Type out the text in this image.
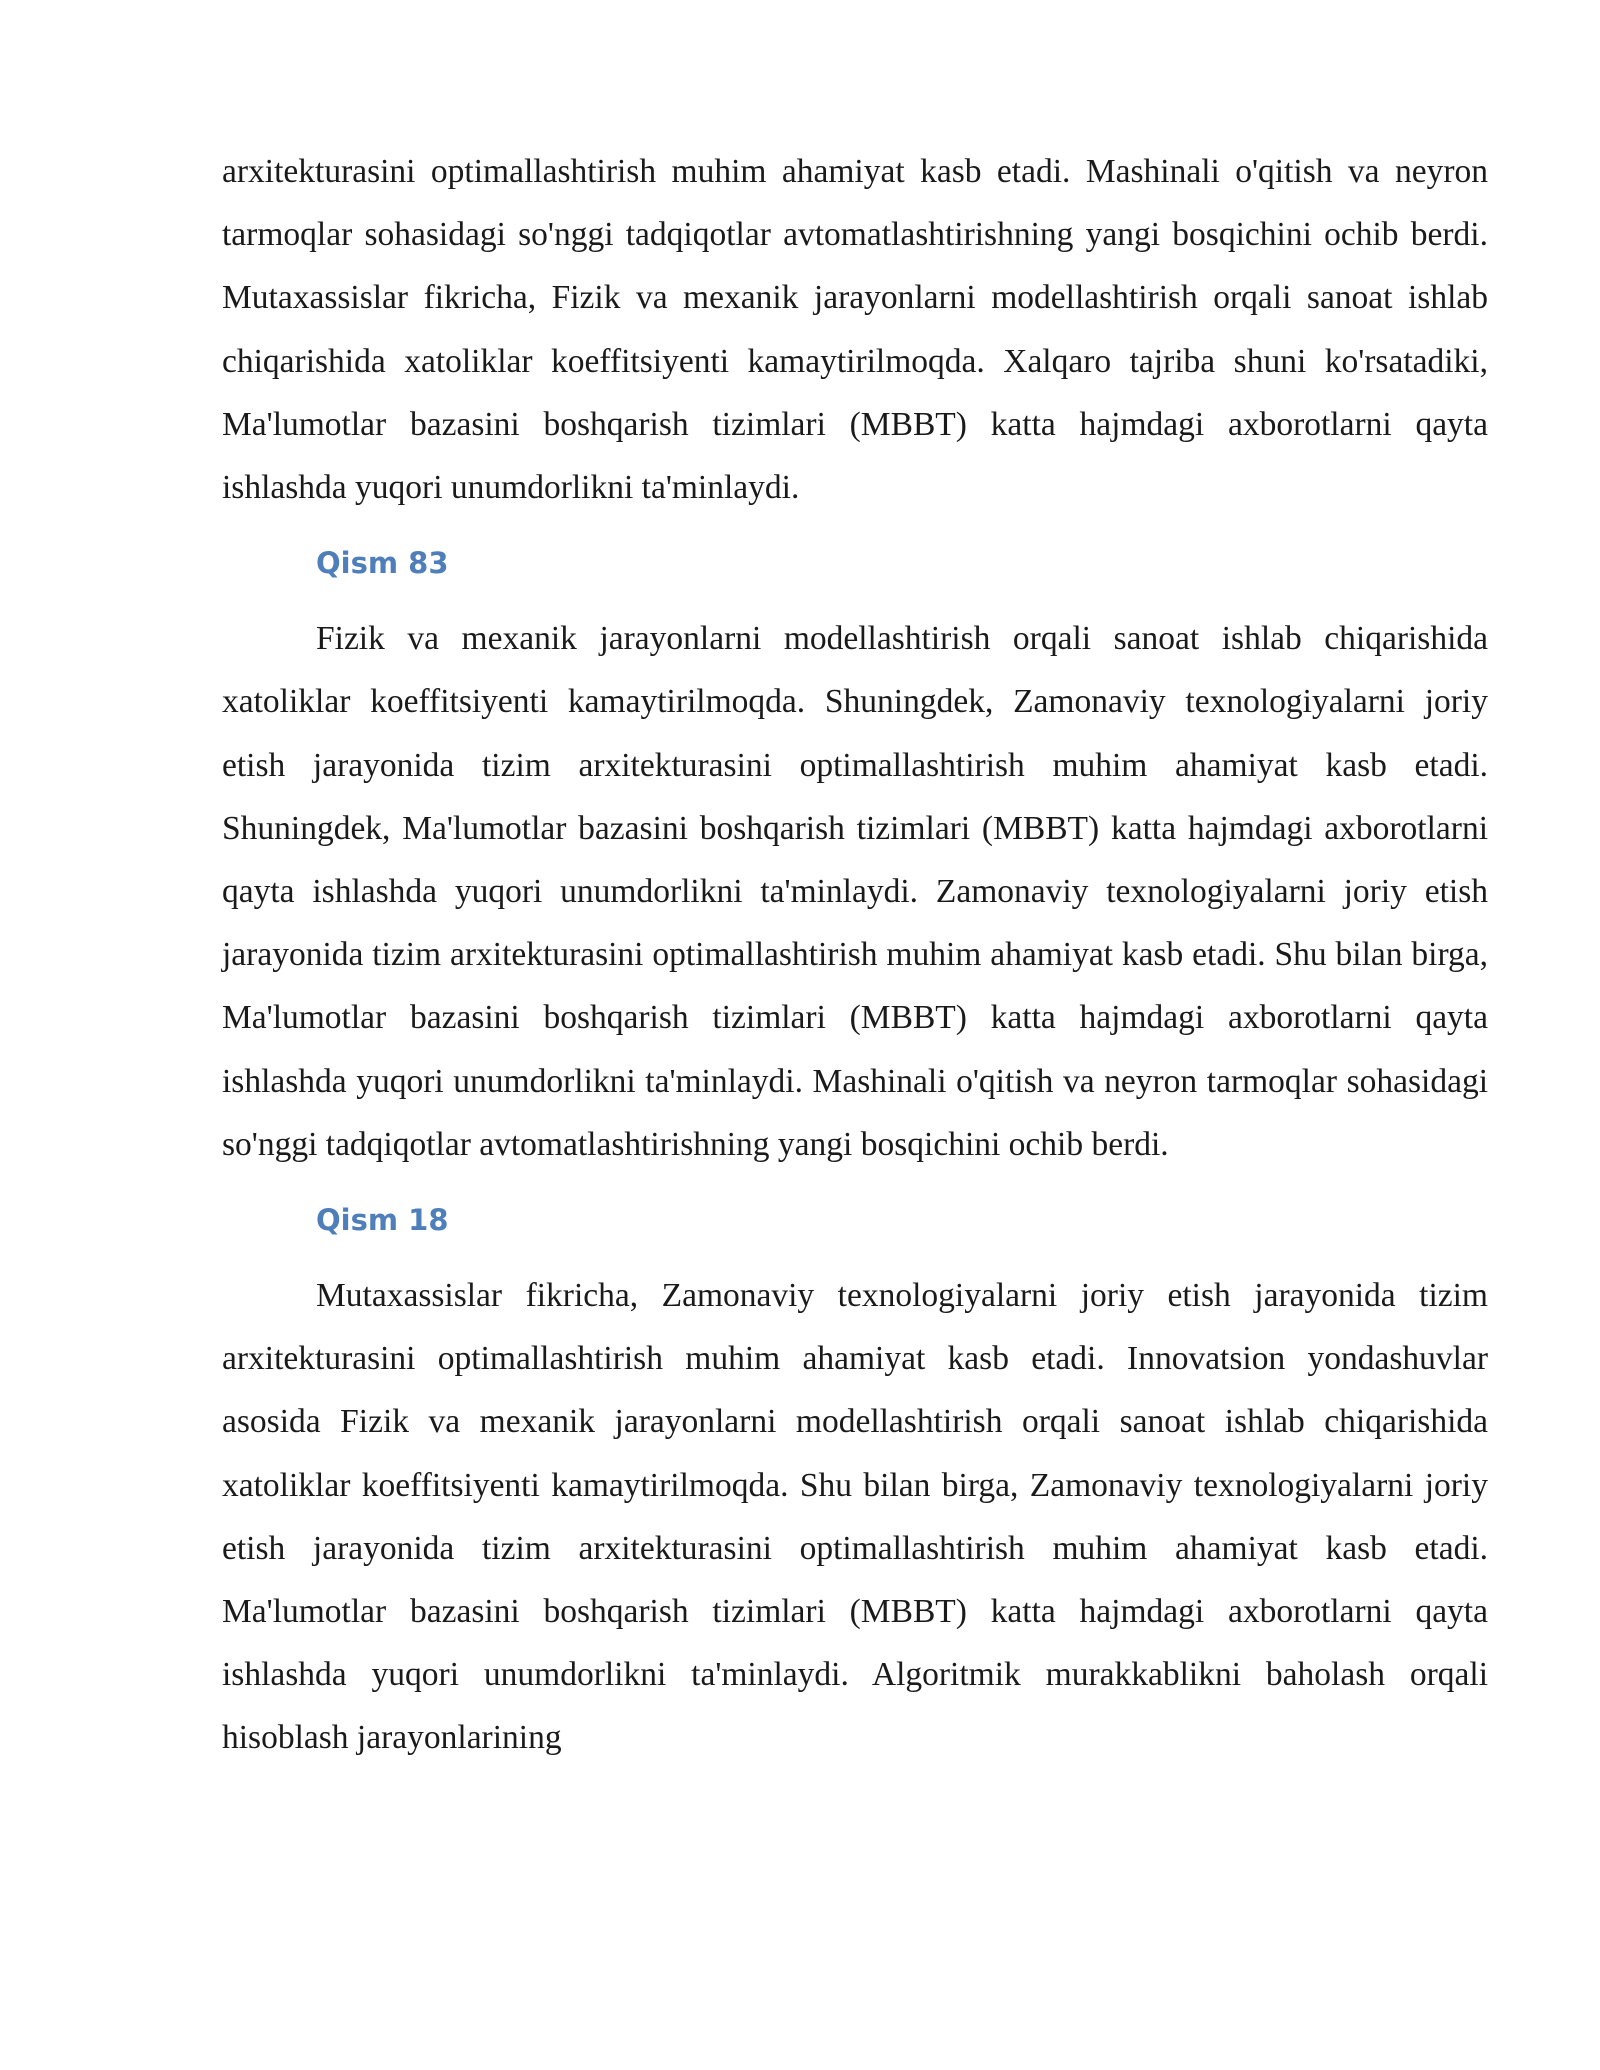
arxitekturasini optimallashtirish muhim ahamiyat kasb etadi. Mashinali o'qitish va neyron tarmoqlar sohasidagi so'nggi tadqiqotlar avtomatlashtirishning yangi bosqichini ochib berdi. Mutaxassislar fikricha, Fizik va mexanik jarayonlarni modellashtirish orqali sanoat ishlab chiqarishida xatoliklar koeffitsiyenti kamaytirilmoqda. Xalqaro tajriba shuni ko'rsatadiki, Ma'lumotlar bazasini boshqarish tizimlari (MBBT) katta hajmdagi axborotlarni qayta ishlashda yuqori unumdorlikni ta'minlaydi.

Qism 83

Fizik va mexanik jarayonlarni modellashtirish orqali sanoat ishlab chiqarishida xatoliklar koeffitsiyenti kamaytirilmoqda. Shuningdek, Zamonaviy texnologiyalarni joriy etish jarayonida tizim arxitekturasini optimallashtirish muhim ahamiyat kasb etadi. Shuningdek, Ma'lumotlar bazasini boshqarish tizimlari (MBBT) katta hajmdagi axborotlarni qayta ishlashda yuqori unumdorlikni ta'minlaydi. Zamonaviy texnologiyalarni joriy etish jarayonida tizim arxitekturasini optimallashtirish muhim ahamiyat kasb etadi. Shu bilan birga, Ma'lumotlar bazasini boshqarish tizimlari (MBBT) katta hajmdagi axborotlarni qayta ishlashda yuqori unumdorlikni ta'minlaydi. Mashinali o'qitish va neyron tarmoqlar sohasidagi so'nggi tadqiqotlar avtomatlashtirishning yangi bosqichini ochib berdi.

Qism 18

Mutaxassislar fikricha, Zamonaviy texnologiyalarni joriy etish jarayonida tizim arxitekturasini optimallashtirish muhim ahamiyat kasb etadi. Innovatsion yondashuvlar asosida Fizik va mexanik jarayonlarni modellashtirish orqali sanoat ishlab chiqarishida xatoliklar koeffitsiyenti kamaytirilmoqda. Shu bilan birga, Zamonaviy texnologiyalarni joriy etish jarayonida tizim arxitekturasini optimallashtirish muhim ahamiyat kasb etadi. Ma'lumotlar bazasini boshqarish tizimlari (MBBT) katta hajmdagi axborotlarni qayta ishlashda yuqori unumdorlikni ta'minlaydi. Algoritmik murakkablikni baholash orqali hisoblash jarayonlarining
